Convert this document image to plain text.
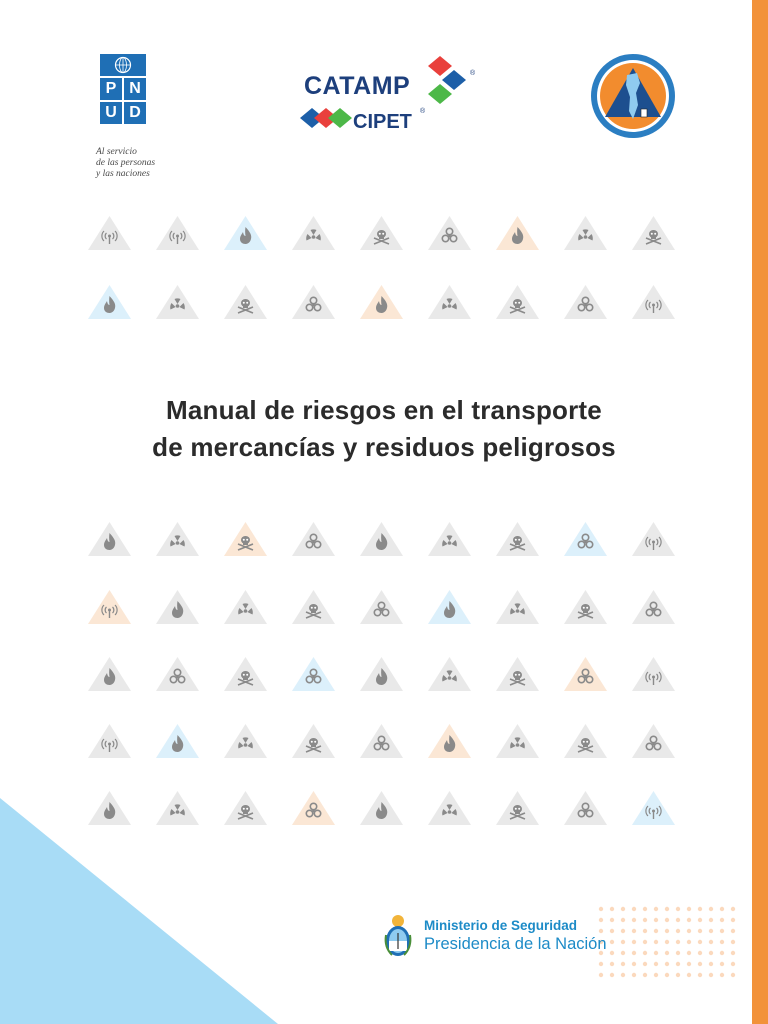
P N
U D
Al servicio
de las personas
y las naciones
CATAMP
CIPET
®
®
Manual de riesgos en el transporte
de mercancías y residuos peligrosos
Ministerio de Seguridad
Presidencia de la Nación
